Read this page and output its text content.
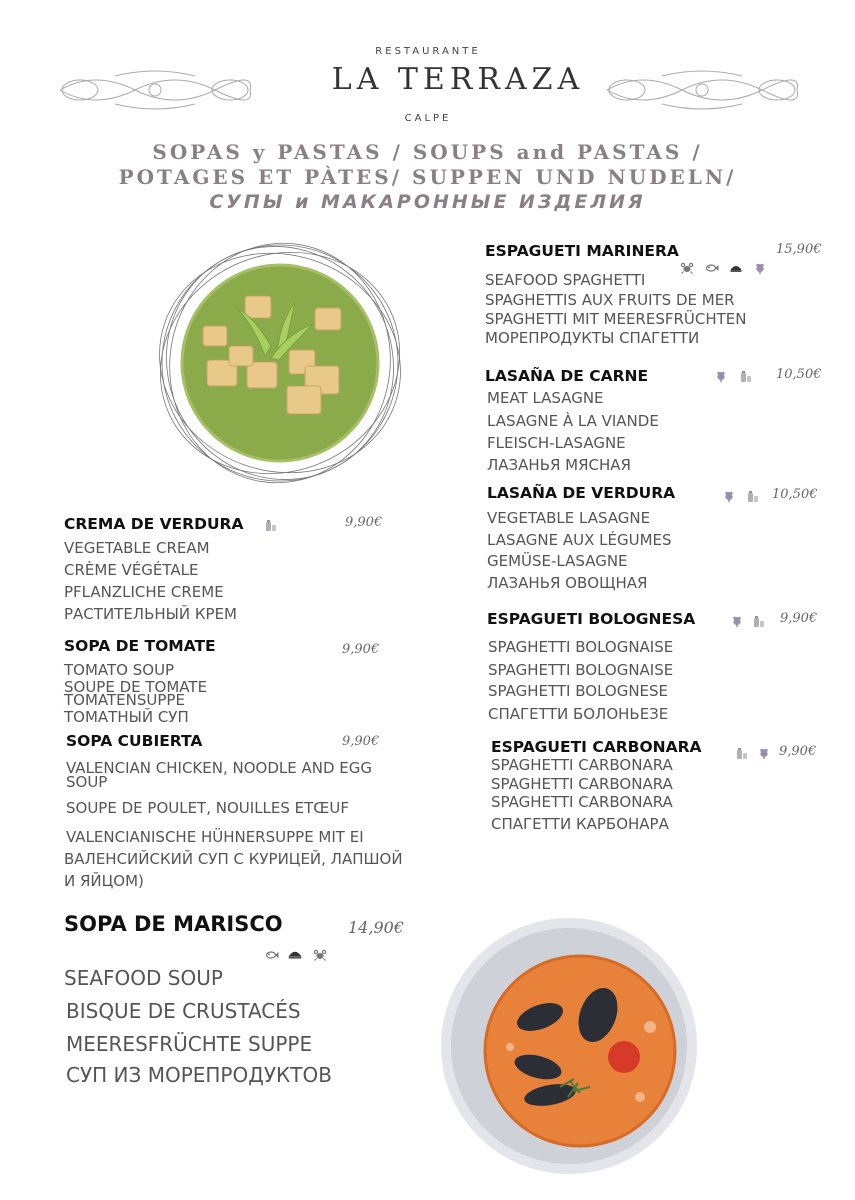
RESTAURANTE
LA TERRAZA
CALPE
SOPAS y PASTAS / SOUPS and PASTAS /
POTAGES ET PÀTES/ SUPPEN UND NUDELN/
СУПЫ и МАКАРОННЫЕ ИЗДЕЛИЯ
CREMA DE VERDURA	9,90€
VEGETABLE CREAM
CRÈME VÉGÉTALE
PFLANZLICHE CREME
РАСТИТЕЛЬНЫЙ КРЕМ
SOPA DE TOMATE	9,90€
TOMATO SOUP
SOUPE DE TOMATE
TOMATENSUPPE
ТОМАТНЫЙ СУП
SOPA CUBIERTA	9,90€
VALENCIAN CHICKEN, NOODLE AND EGG
SOUP
SOUPE DE POULET, NOUILLES ETŒUF
VALENCIANISCHE HÜHNERSUPPE MIT EI
ВАЛЕНСИЙСКИЙ СУП С КУРИЦЕЙ, ЛАПШОЙ
И ЯЙЦОМ)
SOPA DE MARISCO	14,90€
SEAFOOD SOUP
BISQUE DE CRUSTACÉS
MEERESFRÜCHTE SUPPE
СУП ИЗ МОРЕПРОДУКТОВ
ESPAGUETI MARINERA	15,90€
SEAFOOD SPAGHETTI
SPAGHETTIS AUX FRUITS DE MER
SPAGHETTI MIT MEERESFRÜCHTEN
МОРЕПРОДУКТЫ СПАГЕТТИ
LASAÑA DE CARNE	10,50€
MEAT LASAGNE
LASAGNE À LA VIANDE
FLEISCH-LASAGNE
ЛАЗАНЬЯ МЯСНАЯ
LASAÑA DE VERDURA	10,50€
VEGETABLE LASAGNE
LASAGNE AUX LÉGUMES
GEMÜSE-LASAGNE
ЛАЗАНЬЯ ОВОЩНАЯ
ESPAGUETI BOLOGNESA	9,90€
SPAGHETTI BOLOGNAISE
SPAGHETTI BOLOGNAISE
SPAGHETTI BOLOGNESE
СПАГЕТТИ БОЛОНЬЕЗЕ
ESPAGUETI CARBONARA	9,90€
SPAGHETTI CARBONARA
SPAGHETTI CARBONARA
SPAGHETTI CARBONARA
СПАГЕТТИ КАРБОНАРА
